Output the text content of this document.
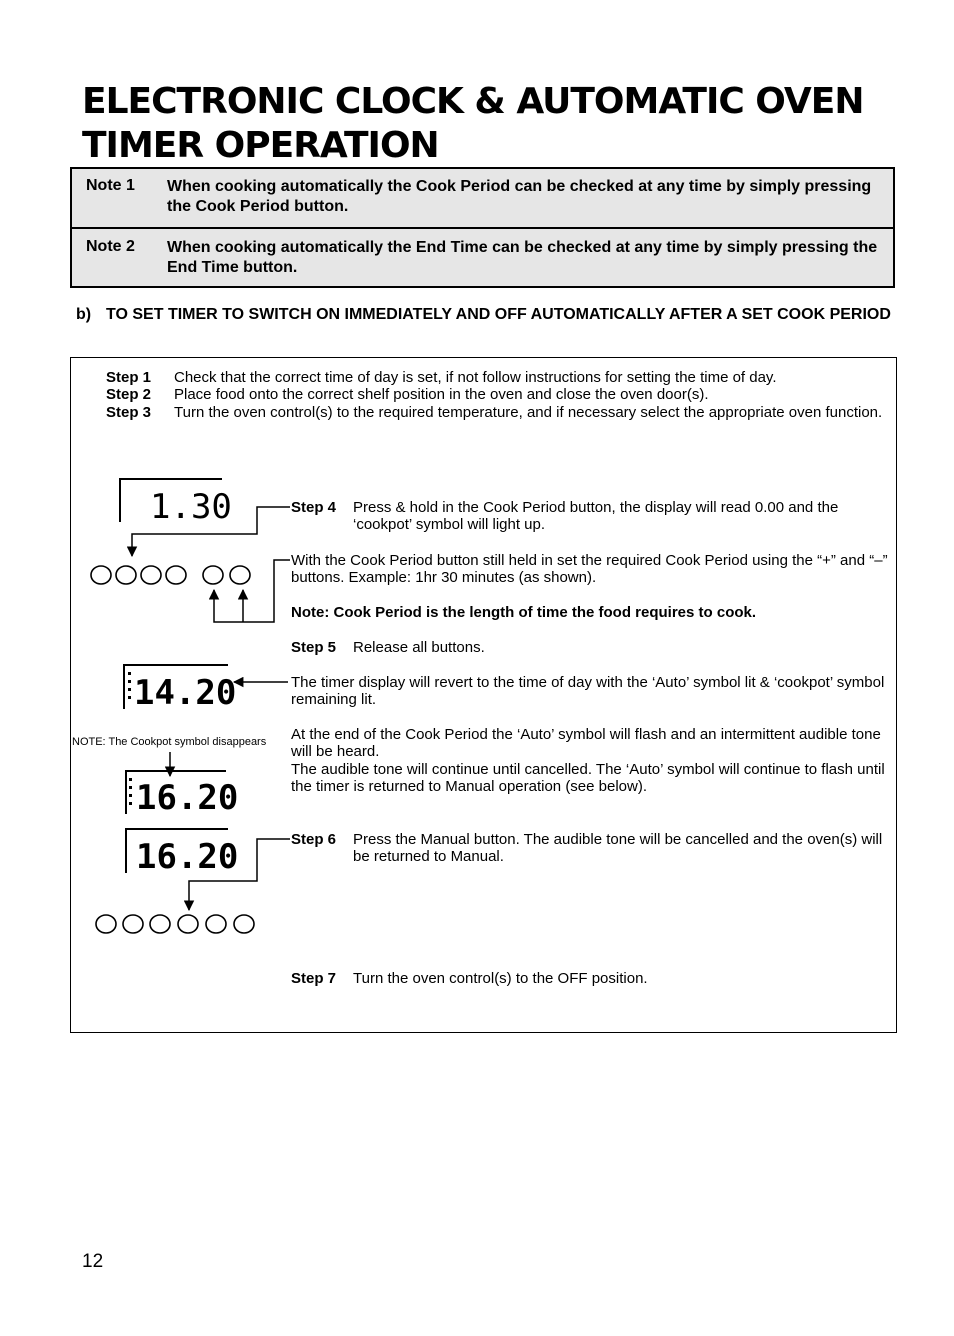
ELECTRONIC CLOCK & AUTOMATIC OVEN TIMER OPERATION
Note 1 When cooking automatically the Cook Period can be checked at any time by simply pressing the Cook Period button.
Note 2 When cooking automatically the End Time can be checked at any time by simply pressing the End Time button.
b) TO SET TIMER TO SWITCH ON IMMEDIATELY AND OFF AUTOMATICALLY AFTER A SET COOK PERIOD
Step 1 Check that the correct time of day is set, if not follow instructions for setting the time of day.
Step 2 Place food onto the correct shelf position in the oven and close the oven door(s).
Step 3 Turn the oven control(s) to the required temperature, and if necessary select the appropriate oven function.
Step 4 Press & hold in the Cook Period button, the display will read 0.00 and the ‘cookpot’ symbol will light up.
With the Cook Period button still held in set the required Cook Period using the “+” and “–” buttons. Example: 1hr 30 minutes (as shown).
Note: Cook Period is the length of time the food requires to cook.
Step 5 Release all buttons.
The timer display will revert to the time of day with the ‘Auto’ symbol lit & ‘cookpot’ symbol remaining lit.
At the end of the Cook Period the ‘Auto’ symbol will flash and an intermittent audible tone will be heard.
The audible tone will continue until cancelled. The ‘Auto’ symbol will continue to flash until the timer is returned to Manual operation (see below).
Step 6 Press the Manual button. The audible tone will be cancelled and the oven(s) will be returned to Manual.
Step 7 Turn the oven control(s) to the OFF position.
NOTE: The Cookpot symbol disappears
1.30
14.20
16.20
16.20
12
